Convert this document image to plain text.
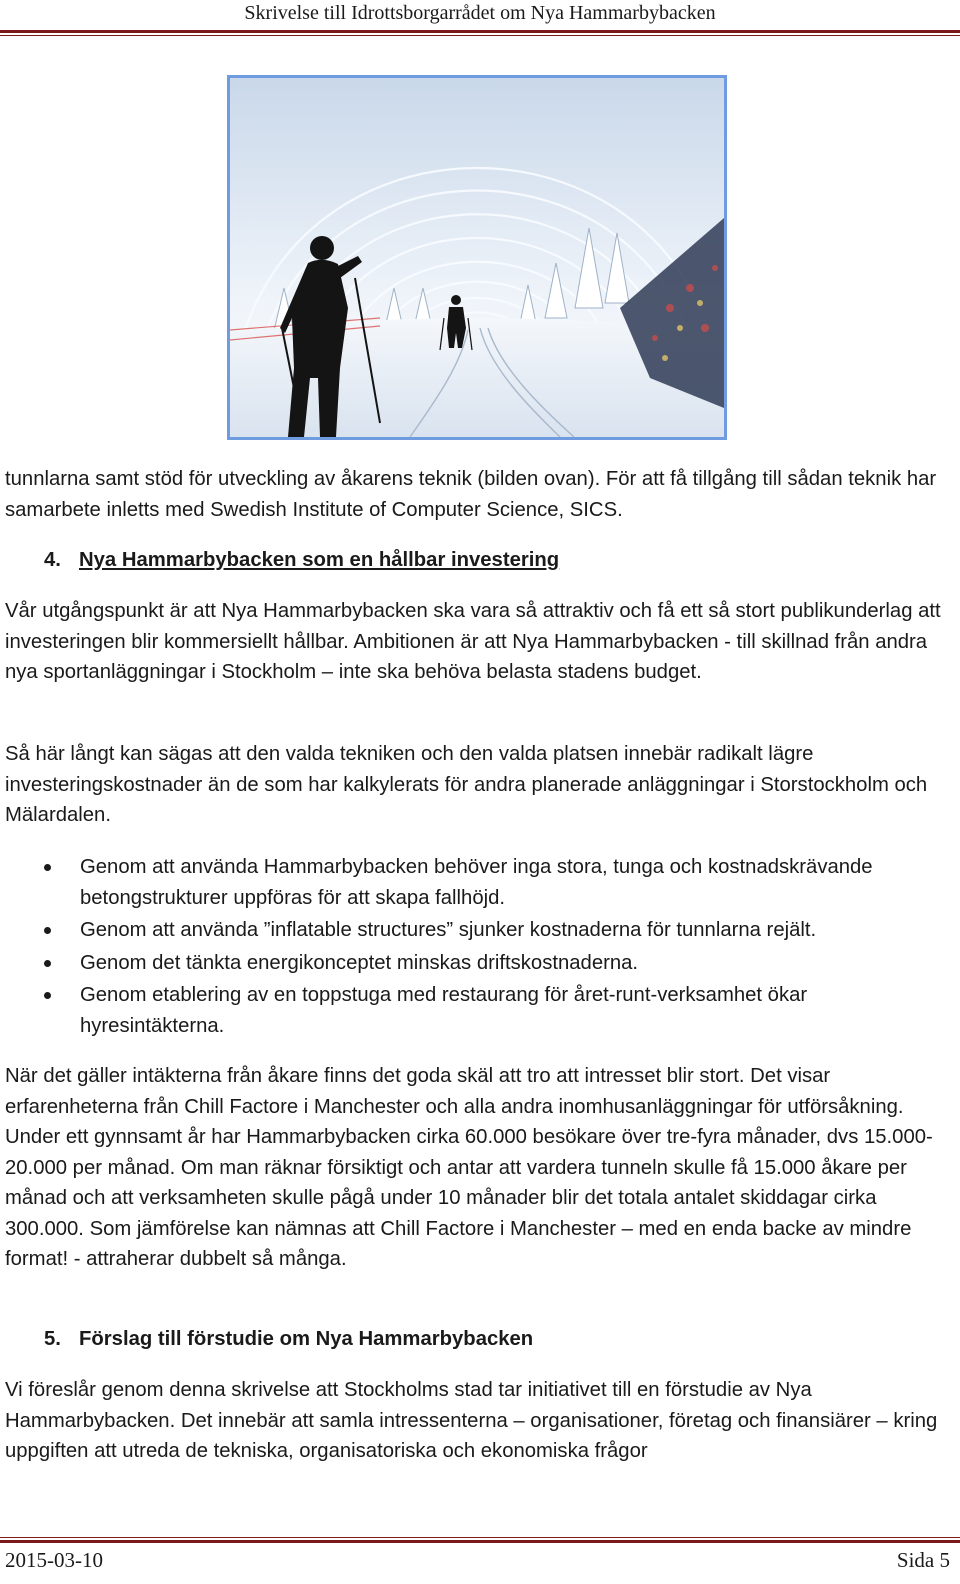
Skrivelse till Idrottsborgarrådet om Nya Hammarbybacken

tunnlarna samt stöd för utveckling av åkarens teknik (bilden ovan). För att få tillgång till sådan teknik har samarbete inletts med Swedish Institute of Computer Science, SICS.

4. Nya Hammarbybacken som en hållbar investering

Vår utgångspunkt är att Nya Hammarbybacken ska vara så attraktiv och få ett så stort publikunderlag att investeringen blir kommersiellt hållbar. Ambitionen är att Nya Hammarbybacken - till skillnad från andra nya sportanläggningar i Stockholm – inte ska behöva belasta stadens budget.

Så här långt kan sägas att den valda tekniken och den valda platsen innebär radikalt lägre investeringskostnader än de som har kalkylerats för andra planerade anläggningar i Storstockholm och Mälardalen.

Genom att använda Hammarbybacken behöver inga stora, tunga och kostnadskrävande betongstrukturer uppföras för att skapa fallhöjd.
Genom att använda ”inflatable structures” sjunker kostnaderna för tunnlarna rejält.
Genom det tänkta energikonceptet minskas driftskostnaderna.
Genom etablering av en toppstuga med restaurang för året-runt-verksamhet ökar hyresintäkterna.

När det gäller intäkterna från åkare finns det goda skäl att tro att intresset blir stort. Det visar erfarenheterna från Chill Factore i Manchester och alla andra inomhusanläggningar för utförsåkning. Under ett gynnsamt år har Hammarbybacken cirka 60.000 besökare över tre-fyra månader, dvs 15.000-20.000 per månad. Om man räknar försiktigt och antar att vardera tunneln skulle få 15.000 åkare per månad och att verksamheten skulle pågå under 10 månader blir det totala antalet skiddagar cirka 300.000. Som jämförelse kan nämnas att Chill Factore i Manchester – med en enda backe av mindre format! - attraherar dubbelt så många.

5. Förslag till förstudie om Nya Hammarbybacken

Vi föreslår genom denna skrivelse att Stockholms stad tar initiativet till en förstudie av Nya Hammarbybacken. Det innebär att samla intressenterna – organisationer, företag och finansiärer – kring uppgiften att utreda de tekniska, organisatoriska och ekonomiska frågor

2015-03-10	Sida 5
